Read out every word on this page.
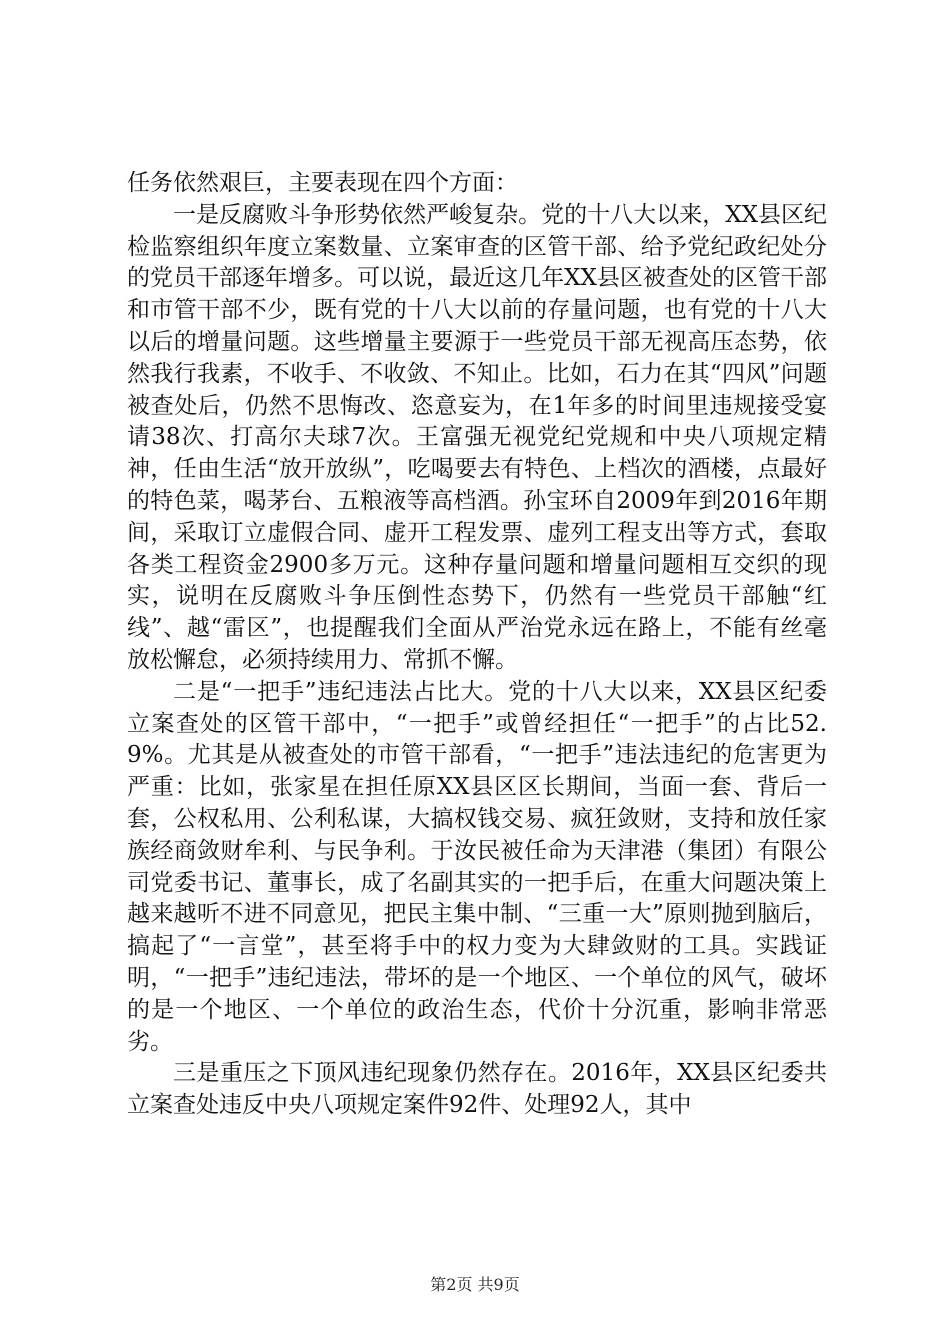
任务依然艰巨，主要表现在四个方面：

一是反腐败斗争形势依然严峻复杂。党的十八大以来，XX县区纪检监察组织年度立案数量、立案审查的区管干部、给予党纪政纪处分的党员干部逐年增多。可以说，最近这几年XX县区被查处的区管干部和市管干部不少，既有党的十八大以前的存量问题，也有党的十八大以后的增量问题。这些增量主要源于一些党员干部无视高压态势，依然我行我素，不收手、不收敛、不知止。比如，石力在其“四风”问题被查处后，仍然不思悔改、恣意妄为，在1年多的时间里违规接受宴请38次、打高尔夫球7次。王富强无视党纪党规和中央八项规定精神，任由生活“放开放纵”，吃喝要去有特色、上档次的酒楼，点最好的特色菜，喝茅台、五粮液等高档酒。孙宝环自2009年到2016年期间，采取订立虚假合同、虚开工程发票、虚列工程支出等方式，套取各类工程资金2900多万元。这种存量问题和增量问题相互交织的现实，说明在反腐败斗争压倒性态势下，仍然有一些党员干部触“红线”、越“雷区”，也提醒我们全面从严治党永远在路上，不能有丝毫放松懈怠，必须持续用力、常抓不懈。

二是“一把手”违纪违法占比大。党的十八大以来，XX县区纪委立案查处的区管干部中，“一把手”或曾经担任“一把手”的占比52.9%。尤其是从被查处的市管干部看，“一把手”违法违纪的危害更为严重：比如，张家星在担任原XX县区区长期间，当面一套、背后一套，公权私用、公利私谋，大搞权钱交易、疯狂敛财，支持和放任家族经商敛财牟利、与民争利。于汝民被任命为天津港（集团）有限公司党委书记、董事长，成了名副其实的一把手后，在重大问题决策上越来越听不进不同意见，把民主集中制、“三重一大”原则抛到脑后，搞起了“一言堂”，甚至将手中的权力变为大肆敛财的工具。实践证明，“一把手”违纪违法，带坏的是一个地区、一个单位的风气，破坏的是一个地区、一个单位的政治生态，代价十分沉重，影响非常恶劣。

三是重压之下顶风违纪现象仍然存在。2016年，XX县区纪委共立案查处违反中央八项规定案件92件、处理92人，其中

第2页 共9页
